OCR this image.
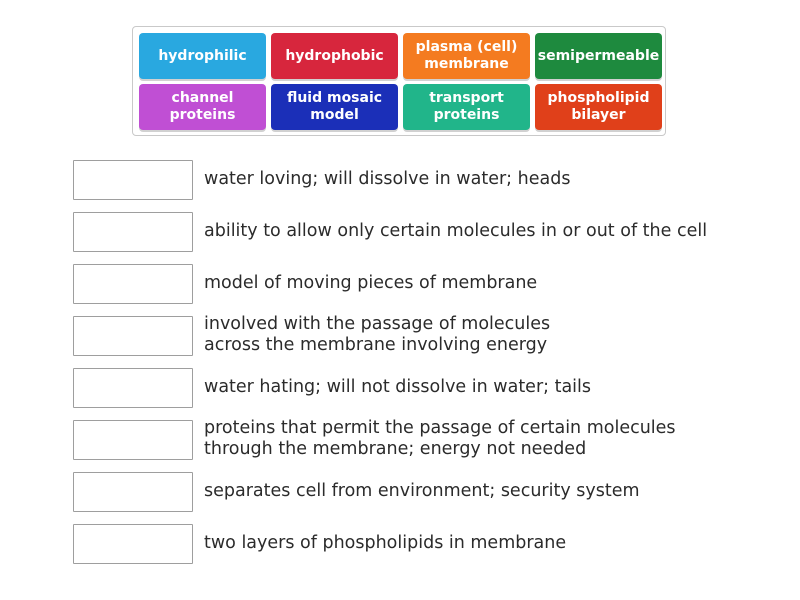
hydrophilic	hydrophobic
plasma (cell)
membrane
semipermeable
channel
proteins
fluid mosaic
model
transport
proteins
phospholipid
bilayer
water loving; will dissolve in water; heads
ability to allow only certain molecules in or out of the cell
model of moving pieces of membrane
involved with the passage of molecules
across the membrane involving energy
water hating; will not dissolve in water; tails
proteins that permit the passage of certain molecules
through the membrane; energy not needed
separates cell from environment; security system
two layers of phospholipids in membrane
